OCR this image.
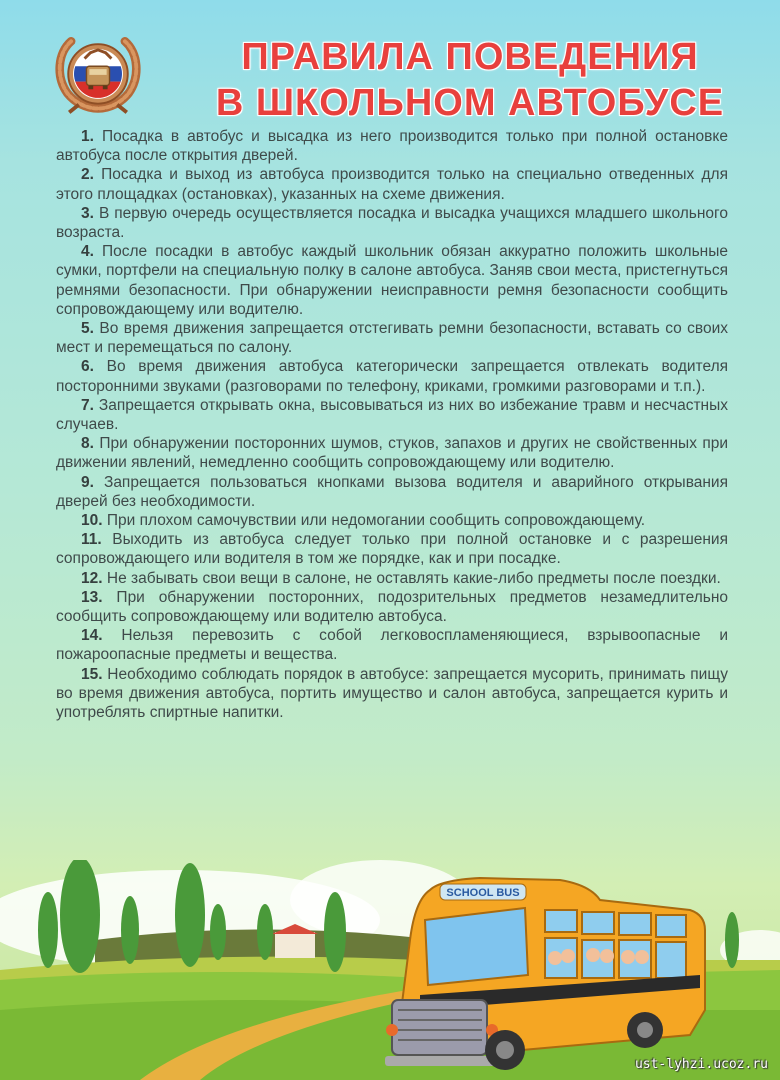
ПРАВИЛА ПОВЕДЕНИЯ
В ШКОЛЬНОМ АВТОБУСЕ

1. Посадка в автобус и высадка из него производится только при полной остановке автобуса после открытия дверей.

2. Посадка и выход из автобуса производится только на специально отведенных для этого площадках (остановках), указанных на схеме движения.

3. В первую очередь осуществляется посадка и высадка учащихся младшего школьного возраста.

4. После посадки в автобус каждый школьник обязан аккуратно положить школьные сумки, портфели на специальную полку в салоне автобуса. Заняв свои места, пристегнуться ремнями безопасности. При обнаружении неисправности ремня безопасности сообщить сопровождающему или водителю.

5. Во время движения запрещается отстегивать ремни безопасности, вставать со своих мест и перемещаться по салону.

6. Во время движения автобуса категорически запрещается отвлекать водителя посторонними звуками (разговорами по телефону, криками, громкими разговорами и т.п.).

7. Запрещается открывать окна, высовываться из них во избежание травм и несчастных случаев.

8. При обнаружении посторонних шумов, стуков, запахов и других не свойственных при движении явлений, немедленно сообщить сопровождающему или водителю.

9. Запрещается пользоваться кнопками вызова водителя и аварийного открывания дверей без необходимости.

10. При плохом самочувствии или недомогании сообщить сопровождающему.

11. Выходить из автобуса следует только при полной остановке и с разрешения сопровождающего или водителя в том же порядке, как и при посадке.

12. Не забывать свои вещи в салоне, не оставлять какие-либо предметы после поездки.

13. При обнаружении посторонних, подозрительных предметов незамедлительно сообщить сопровождающему или водителю автобуса.

14. Нельзя перевозить с собой легковоспламеняющиеся, взрывоопасные и пожароопасные предметы и вещества.

15. Необходимо соблюдать порядок в автобусе: запрещается мусорить, принимать пищу во время движения автобуса, портить имущество и салон автобуса, запрещается курить и употреблять спиртные напитки.

SCHOOL BUS
ust-lyhzi.ucoz.ru
